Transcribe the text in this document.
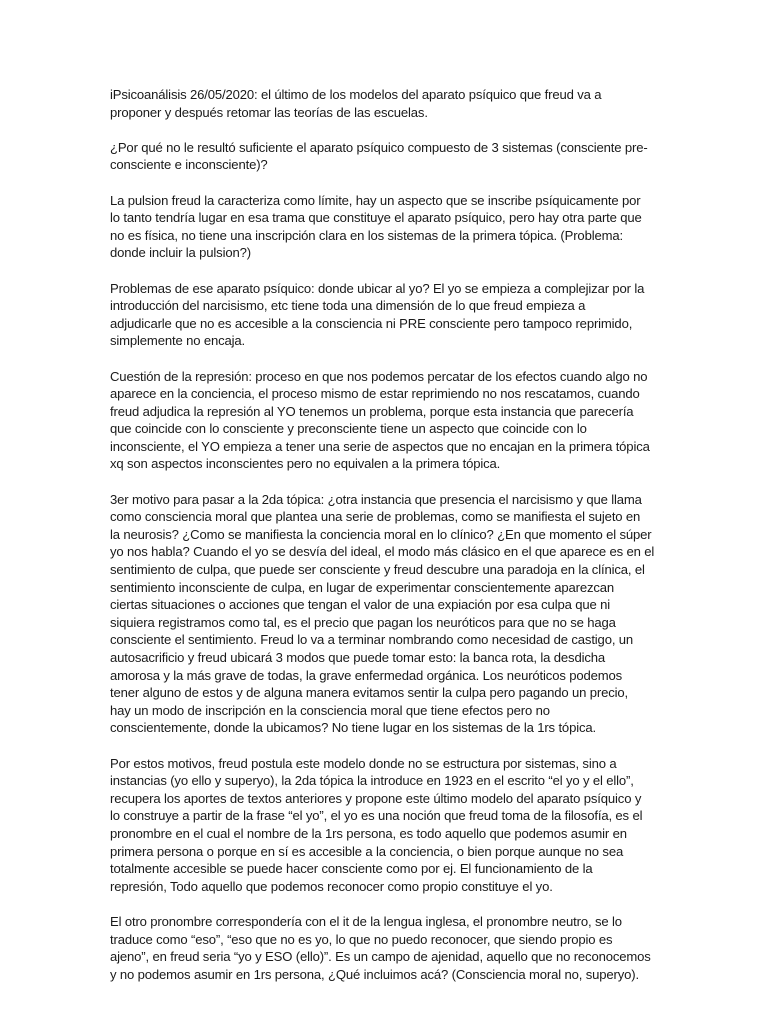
iPsicoanálisis 26/05/2020: el último de los modelos del aparato psíquico que freud va a
proponer y después retomar las teorías de las escuelas.

¿Por qué no le resultó suficiente el aparato psíquico compuesto de 3 sistemas (consciente pre-
consciente e inconsciente)?

La pulsion freud la caracteriza como límite, hay un aspecto que se inscribe psíquicamente por
lo tanto tendría lugar en esa trama que constituye el aparato psíquico, pero hay otra parte que
no es física, no tiene una inscripción clara en los sistemas de la primera tópica. (Problema:
donde incluir la pulsion?)

Problemas de ese aparato psíquico: donde ubicar al yo? El yo se empieza a complejizar por la
introducción del narcisismo, etc tiene toda una dimensión de lo que freud empieza a
adjudicarle que no es accesible a la consciencia ni PRE consciente pero tampoco reprimido,
simplemente no encaja.

Cuestión de la represión: proceso en que nos podemos percatar de los efectos cuando algo no
aparece en la conciencia, el proceso mismo de estar reprimiendo no nos rescatamos, cuando
freud adjudica la represión al YO tenemos un problema, porque esta instancia que parecería
que coincide con lo consciente y preconsciente tiene un aspecto que coincide con lo
inconsciente, el YO empieza a tener una serie de aspectos que no encajan en la primera tópica
xq son aspectos inconscientes pero no equivalen a la primera tópica.

3er motivo para pasar a la 2da tópica: ¿otra instancia que presencia el narcisismo y que llama
como consciencia moral que plantea una serie de problemas, como se manifiesta el sujeto en
la neurosis? ¿Como se manifiesta la conciencia moral en lo clínico? ¿En que momento el súper
yo nos habla? Cuando el yo se desvía del ideal, el modo más clásico en el que aparece es en el
sentimiento de culpa, que puede ser consciente y freud descubre una paradoja en la clínica, el
sentimiento inconsciente de culpa, en lugar de experimentar conscientemente aparezcan
ciertas situaciones o acciones que tengan el valor de una expiación por esa culpa que ni
siquiera registramos como tal, es el precio que pagan los neuróticos para que no se haga
consciente el sentimiento. Freud lo va a terminar nombrando como necesidad de castigo, un
autosacrificio y freud ubicará 3 modos que puede tomar esto: la banca rota, la desdicha
amorosa y la más grave de todas, la grave enfermedad orgánica. Los neuróticos podemos
tener alguno de estos y de alguna manera evitamos sentir la culpa pero pagando un precio,
hay un modo de inscripción en la consciencia moral que tiene efectos pero no
conscientemente, donde la ubicamos? No tiene lugar en los sistemas de la 1rs tópica.

Por estos motivos, freud postula este modelo donde no se estructura por sistemas, sino a
instancias (yo ello y superyo), la 2da tópica la introduce en 1923 en el escrito “el yo y el ello”,
recupera los aportes de textos anteriores y propone este último modelo del aparato psíquico y
lo construye a partir de la frase “el yo”, el yo es una noción que freud toma de la filosofía, es el
pronombre en el cual el nombre de la 1rs persona, es todo aquello que podemos asumir en
primera persona o porque en sí es accesible a la conciencia, o bien porque aunque no sea
totalmente accesible se puede hacer consciente como por ej. El funcionamiento de la
represión, Todo aquello que podemos reconocer como propio constituye el yo.

El otro pronombre correspondería con el it de la lengua inglesa, el pronombre neutro, se lo
traduce como “eso”, “eso que no es yo, lo que no puedo reconocer, que siendo propio es
ajeno”, en freud seria “yo y ESO (ello)”. Es un campo de ajenidad, aquello que no reconocemos
y no podemos asumir en 1rs persona, ¿Qué incluimos acá? (Consciencia moral no, superyo).
